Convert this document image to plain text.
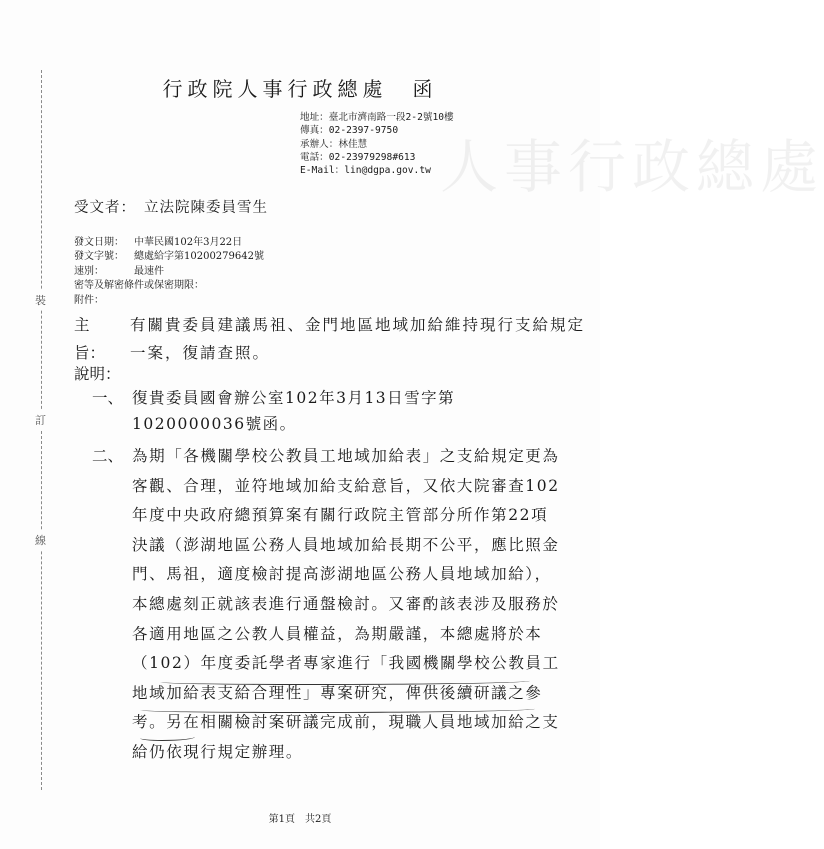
裝
訂
線
人事行政總處
行政院人事行政總處　函
地址：臺北市濟南路一段2-2號10樓
傳真：02-2397-9750
承辦人：林佳慧
電話：02-23979298#613
E-Mail：lin@dgpa.gov.tw
受文者： 立法院陳委員雪生
發文日期： 中華民國102年3月22日
發文字號： 總處給字第10200279642號
速別：	最速件
密等及解密條件或保密期限：
附件：
主旨：
有關貴委員建議馬祖、金門地區地域加給維持現行支給規定一案，復請查照。
說明：
一、 復貴委員國會辦公室102年3月13日雪字第1020000036號函。
二、 為期「各機關學校公教員工地域加給表」之支給規定更為客觀、合理，並符地域加給支給意旨，又依大院審查102年度中央政府總預算案有關行政院主管部分所作第22項決議（澎湖地區公務人員地域加給長期不公平，應比照金門、馬祖，適度檢討提高澎湖地區公務人員地域加給），本總處刻正就該表進行通盤檢討。又審酌該表涉及服務於各適用地區之公教人員權益，為期嚴謹，本總處將於本（102）年度委託學者專家進行「我國機關學校公教員工地域加給表支給合理性」專案研究，俾供後續研議之參考。另在相關檢討案研議完成前，現職人員地域加給之支給仍依現行規定辦理。
第1頁　共2頁
